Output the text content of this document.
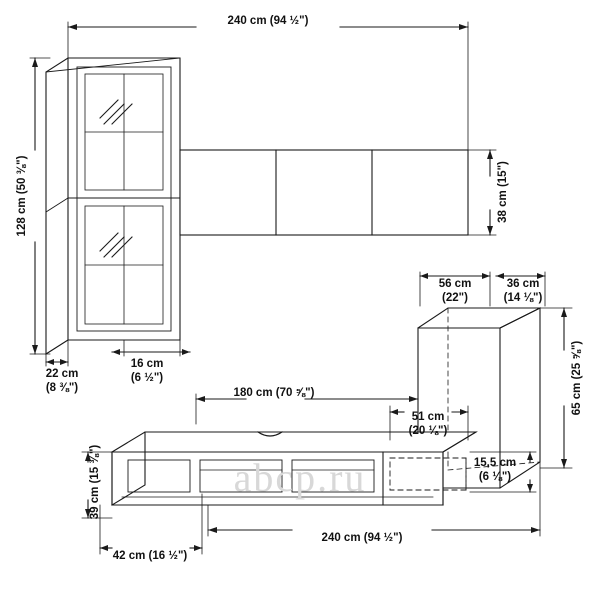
240 cm (94 ½")
128 cm (50 ⅜")
22 cm
(8 ⅜")
16 cm
(6 ½")
38 cm (15")
56 cm
(22")
36 cm
(14 ⅛")
65 cm (25 ⅝")
180 cm (70 ⅝")
51 cm
(20 ⅛")
15,5 cm
(6 ⅛")
39 cm (15 ⅜")
240 cm (94 ½")
42 cm (16 ½")
abcp.ru
